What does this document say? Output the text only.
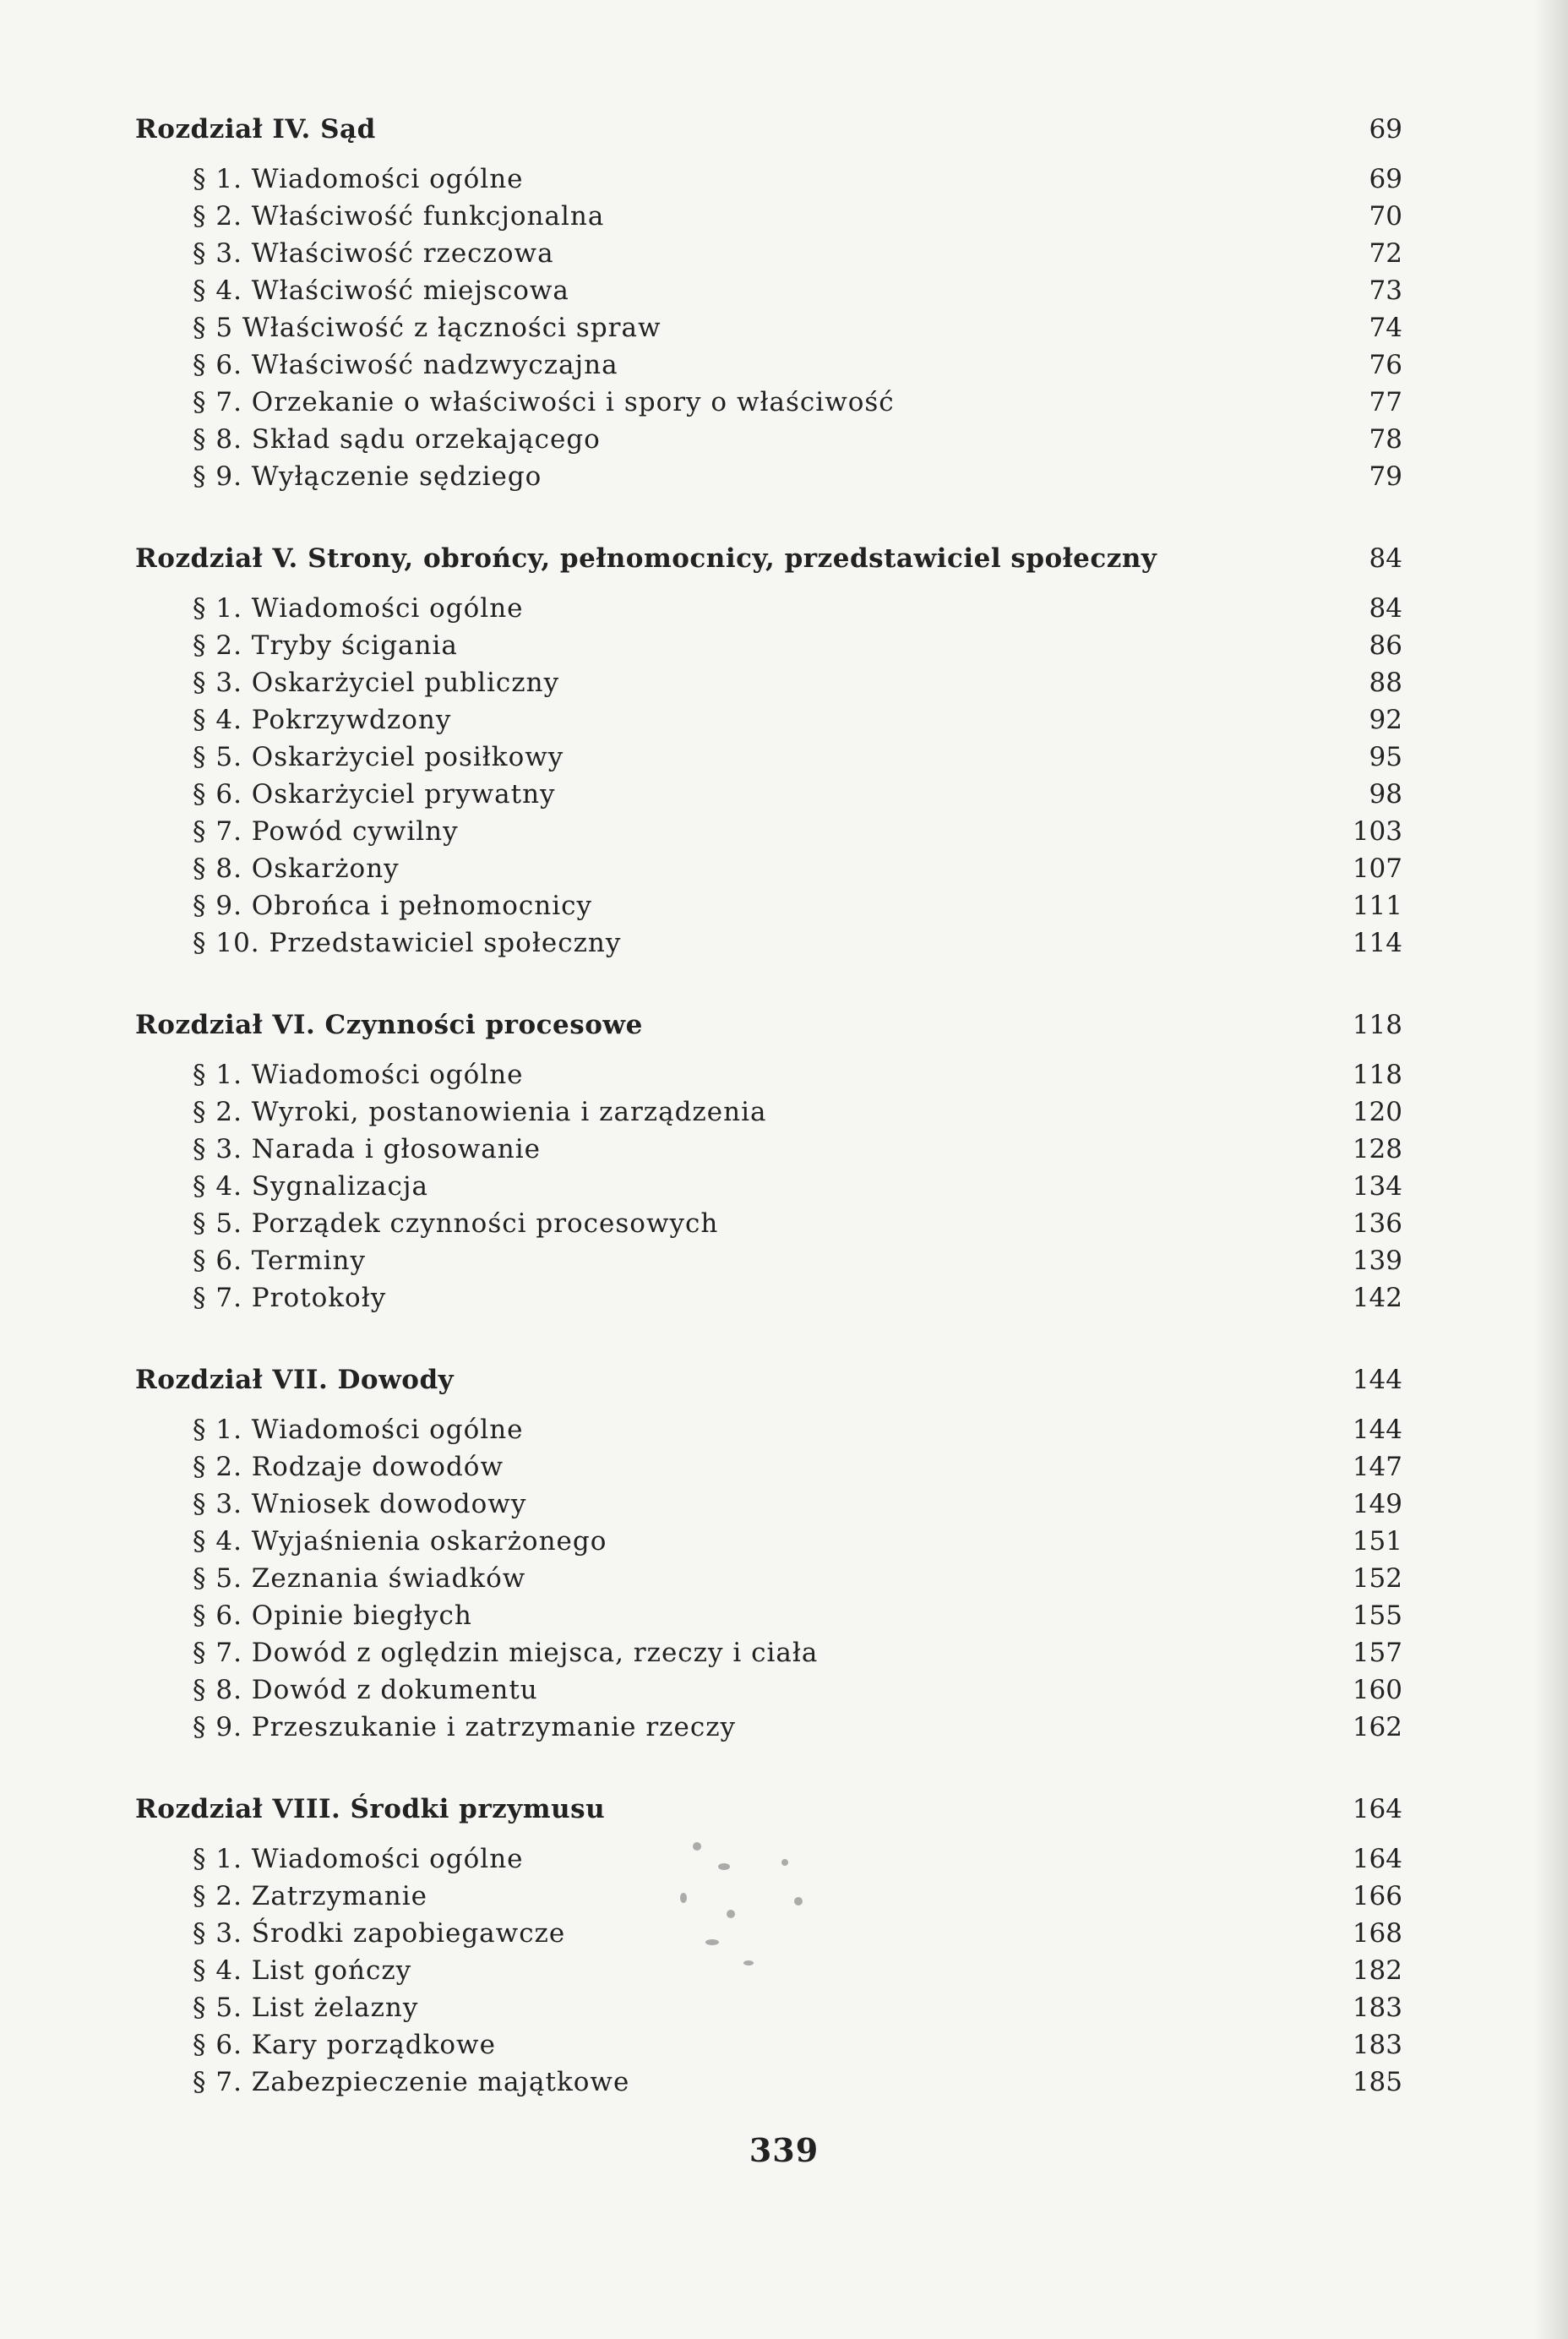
Rozdział IV. Sąd	69
§ 1. Wiadomości ogólne	69
§ 2. Właściwość funkcjonalna	70
§ 3. Właściwość rzeczowa	72
§ 4. Właściwość miejscowa	73
§ 5 Właściwość z łączności spraw	74
§ 6. Właściwość nadzwyczajna	76
§ 7. Orzekanie o właściwości i spory o właściwość	77
§ 8. Skład sądu orzekającego	78
§ 9. Wyłączenie sędziego	79
Rozdział V. Strony, obrońcy, pełnomocnicy, przedstawiciel społeczny	84
§ 1. Wiadomości ogólne	84
§ 2. Tryby ścigania	86
§ 3. Oskarżyciel publiczny	88
§ 4. Pokrzywdzony	92
§ 5. Oskarżyciel posiłkowy	95
§ 6. Oskarżyciel prywatny	98
§ 7. Powód cywilny	103
§ 8. Oskarżony	107
§ 9. Obrońca i pełnomocnicy	111
§ 10. Przedstawiciel społeczny	114
Rozdział VI. Czynności procesowe	118
§ 1. Wiadomości ogólne	118
§ 2. Wyroki, postanowienia i zarządzenia	120
§ 3. Narada i głosowanie	128
§ 4. Sygnalizacja	134
§ 5. Porządek czynności procesowych	136
§ 6. Terminy	139
§ 7. Protokoły	142
Rozdział VII. Dowody	144
§ 1. Wiadomości ogólne	144
§ 2. Rodzaje dowodów	147
§ 3. Wniosek dowodowy	149
§ 4. Wyjaśnienia oskarżonego	151
§ 5. Zeznania świadków	152
§ 6. Opinie biegłych	155
§ 7. Dowód z oględzin miejsca, rzeczy i ciała	157
§ 8. Dowód z dokumentu	160
§ 9. Przeszukanie i zatrzymanie rzeczy	162
Rozdział VIII. Środki przymusu	164
§ 1. Wiadomości ogólne	164
§ 2. Zatrzymanie	166
§ 3. Środki zapobiegawcze	168
§ 4. List gończy	182
§ 5. List żelazny	183
§ 6. Kary porządkowe	183
§ 7. Zabezpieczenie majątkowe	185
339
